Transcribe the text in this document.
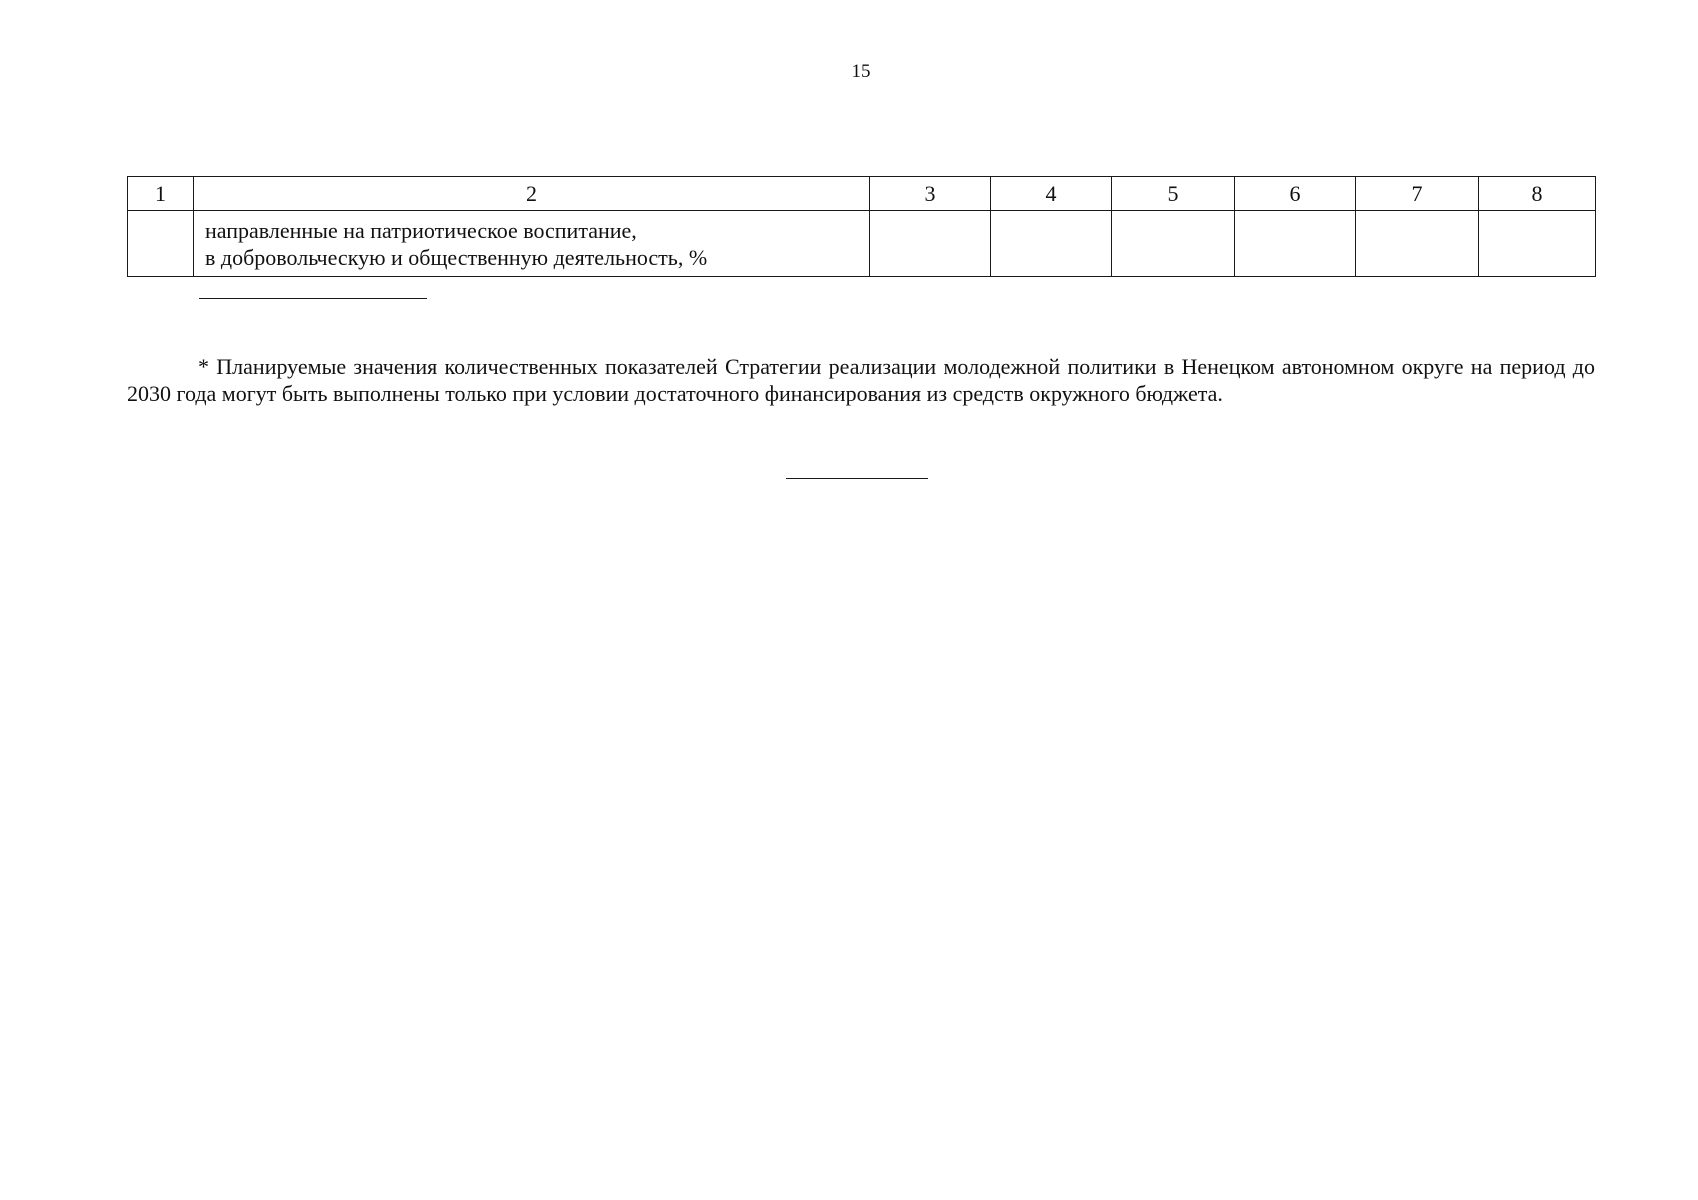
15
1	2	3	4	5	6	7	8

	направленные на патриотическое воспитание,
в добровольческую и общественную деятельность, %						

* Планируемые значения количественных показателей Стратегии реализации молодежной политики в Ненецком автономном округе на период до 2030 года могут быть выполнены только при условии достаточного финансирования из средств окружного бюджета.
